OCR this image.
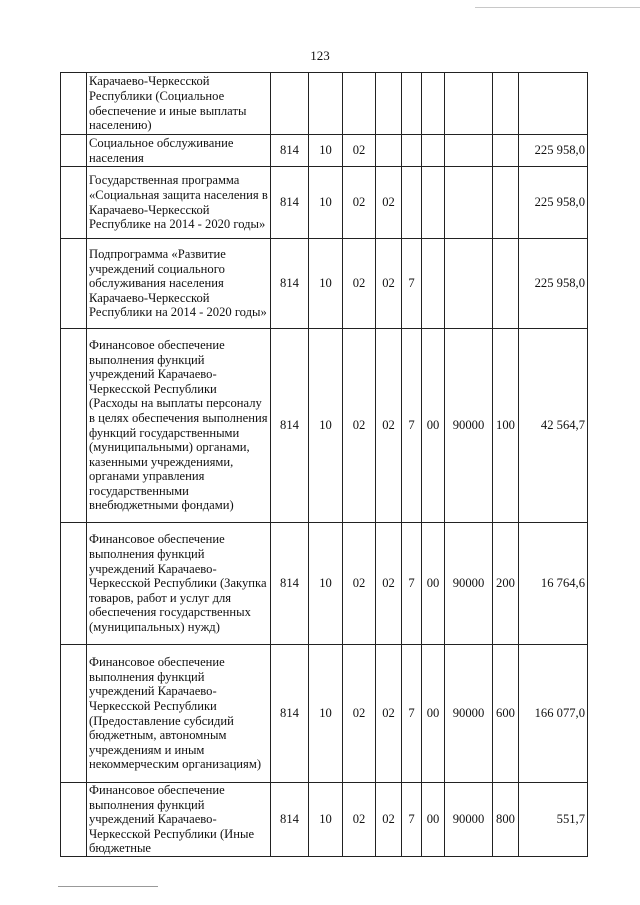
123
	Карачаево-Черкесской Республики (Социальное обеспечение и иные выплаты населению)									
	Социальное обслуживание населения	814	10	02						225 958,0
	Государственная программа «Социальная защита населения в Карачаево-Черкесской Республике на 2014 - 2020 годы»	814	10	02	02					225 958,0
	Подпрограмма «Развитие учреждений социального обслуживания населения Карачаево-Черкесской Республики на 2014 - 2020 годы»	814	10	02	02	7				225 958,0
	Финансовое обеспечение выполнения функций учреждений Карачаево-Черкесской Республики (Расходы на выплаты персоналу в целях обеспечения выполнения функций государственными (муниципальными) органами, казенными учреждениями, органами управления государственными внебюджетными фондами)	814	10	02	02	7	00	90000	100	42 564,7
	Финансовое обеспечение выполнения функций учреждений Карачаево-Черкесской Республики (Закупка товаров, работ и услуг для обеспечения государственных (муниципальных) нужд)	814	10	02	02	7	00	90000	200	16 764,6
	Финансовое обеспечение выполнения функций учреждений Карачаево-Черкесской Республики (Предоставление субсидий бюджетным, автономным учреждениям и иным некоммерческим организациям)	814	10	02	02	7	00	90000	600	166 077,0
	Финансовое обеспечение выполнения функций учреждений Карачаево-Черкесской Республики (Иные бюджетные	814	10	02	02	7	00	90000	800	551,7
